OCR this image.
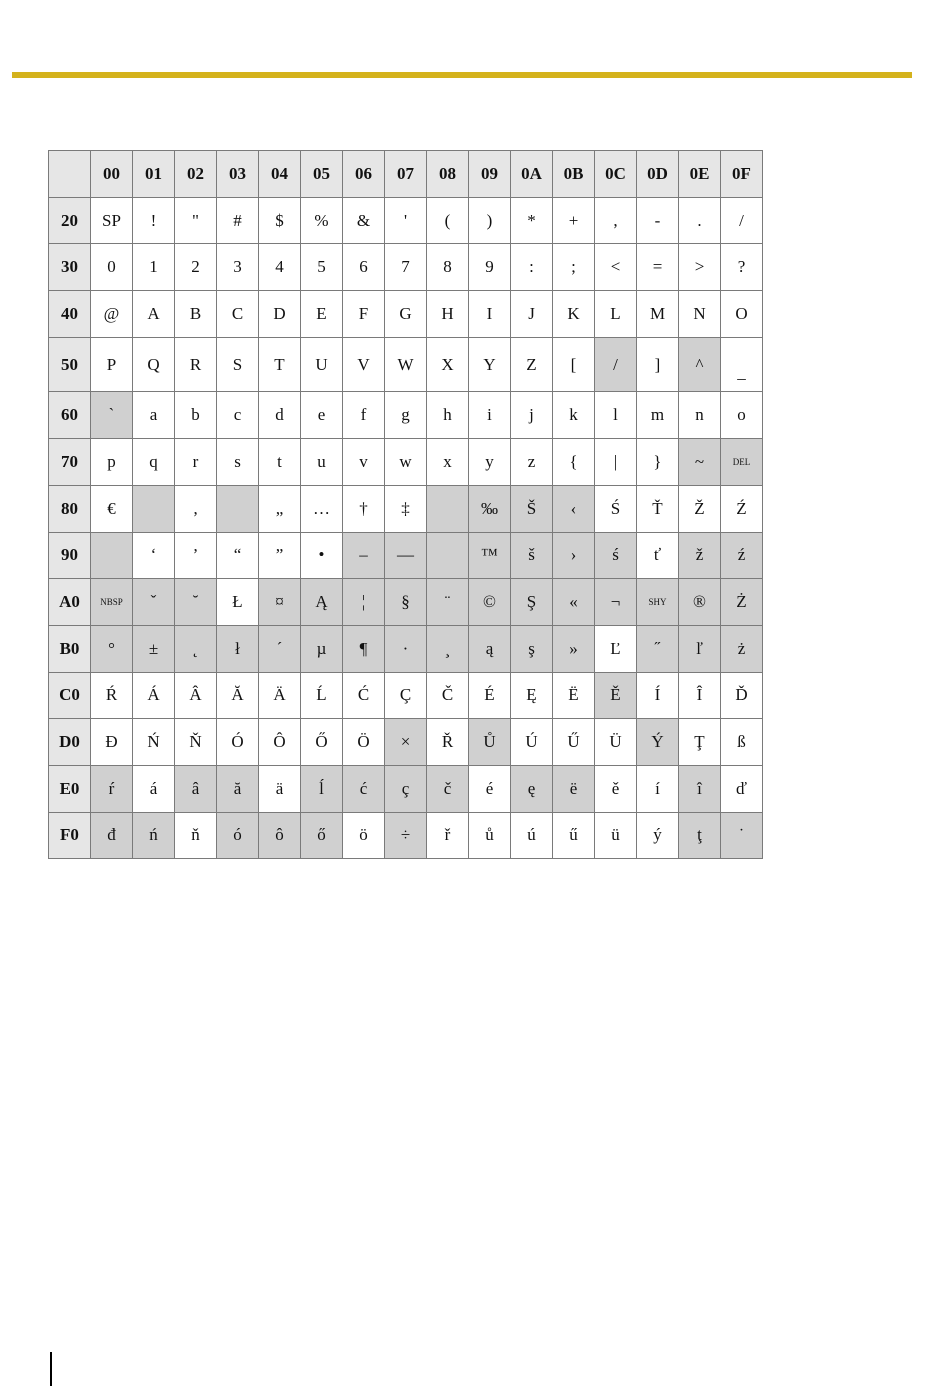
	00	01	02	03	04	05	06	07	08	09	0A	0B	0C	0D	0E	0F
20	SP	!	"	#	$	%	&	'	(	)	*	+	,	-	.	/
30	0	1	2	3	4	5	6	7	8	9	:	;	<	=	>	?
40	@	A	B	C	D	E	F	G	H	I	J	K	L	M	N	O
50	P	Q	R	S	T	U	V	W	X	Y	Z	[	/	]	^	_
60	`	a	b	c	d	e	f	g	h	i	j	k	l	m	n	o
70	p	q	r	s	t	u	v	w	x	y	z	{	|	}	~	DEL
80	€		‚		„	…	†	‡		‰	Š	‹	Ś	Ť	Ž	Ź
90		‘	’	“	”	•	–	—		™	š	›	ś	ť	ž	ź
A0	NBSP	ˇ	˘	Ł	¤	Ą	¦	§	¨	©	Ş	«	¬	SHY	®	Ż
B0	°	±	˛	ł	´	µ	¶	·	¸	ą	ş	»	Ľ	˝	ľ	ż
C0	Ŕ	Á	Â	Ă	Ä	Ĺ	Ć	Ç	Č	É	Ę	Ë	Ě	Í	Î	Ď
D0	Đ	Ń	Ň	Ó	Ô	Ő	Ö	×	Ř	Ů	Ú	Ű	Ü	Ý	Ţ	ß
E0	ŕ	á	â	ă	ä	ĺ	ć	ç	č	é	ę	ë	ě	í	î	ď
F0	đ	ń	ň	ó	ô	ő	ö	÷	ř	ů	ú	ű	ü	ý	ţ	˙
